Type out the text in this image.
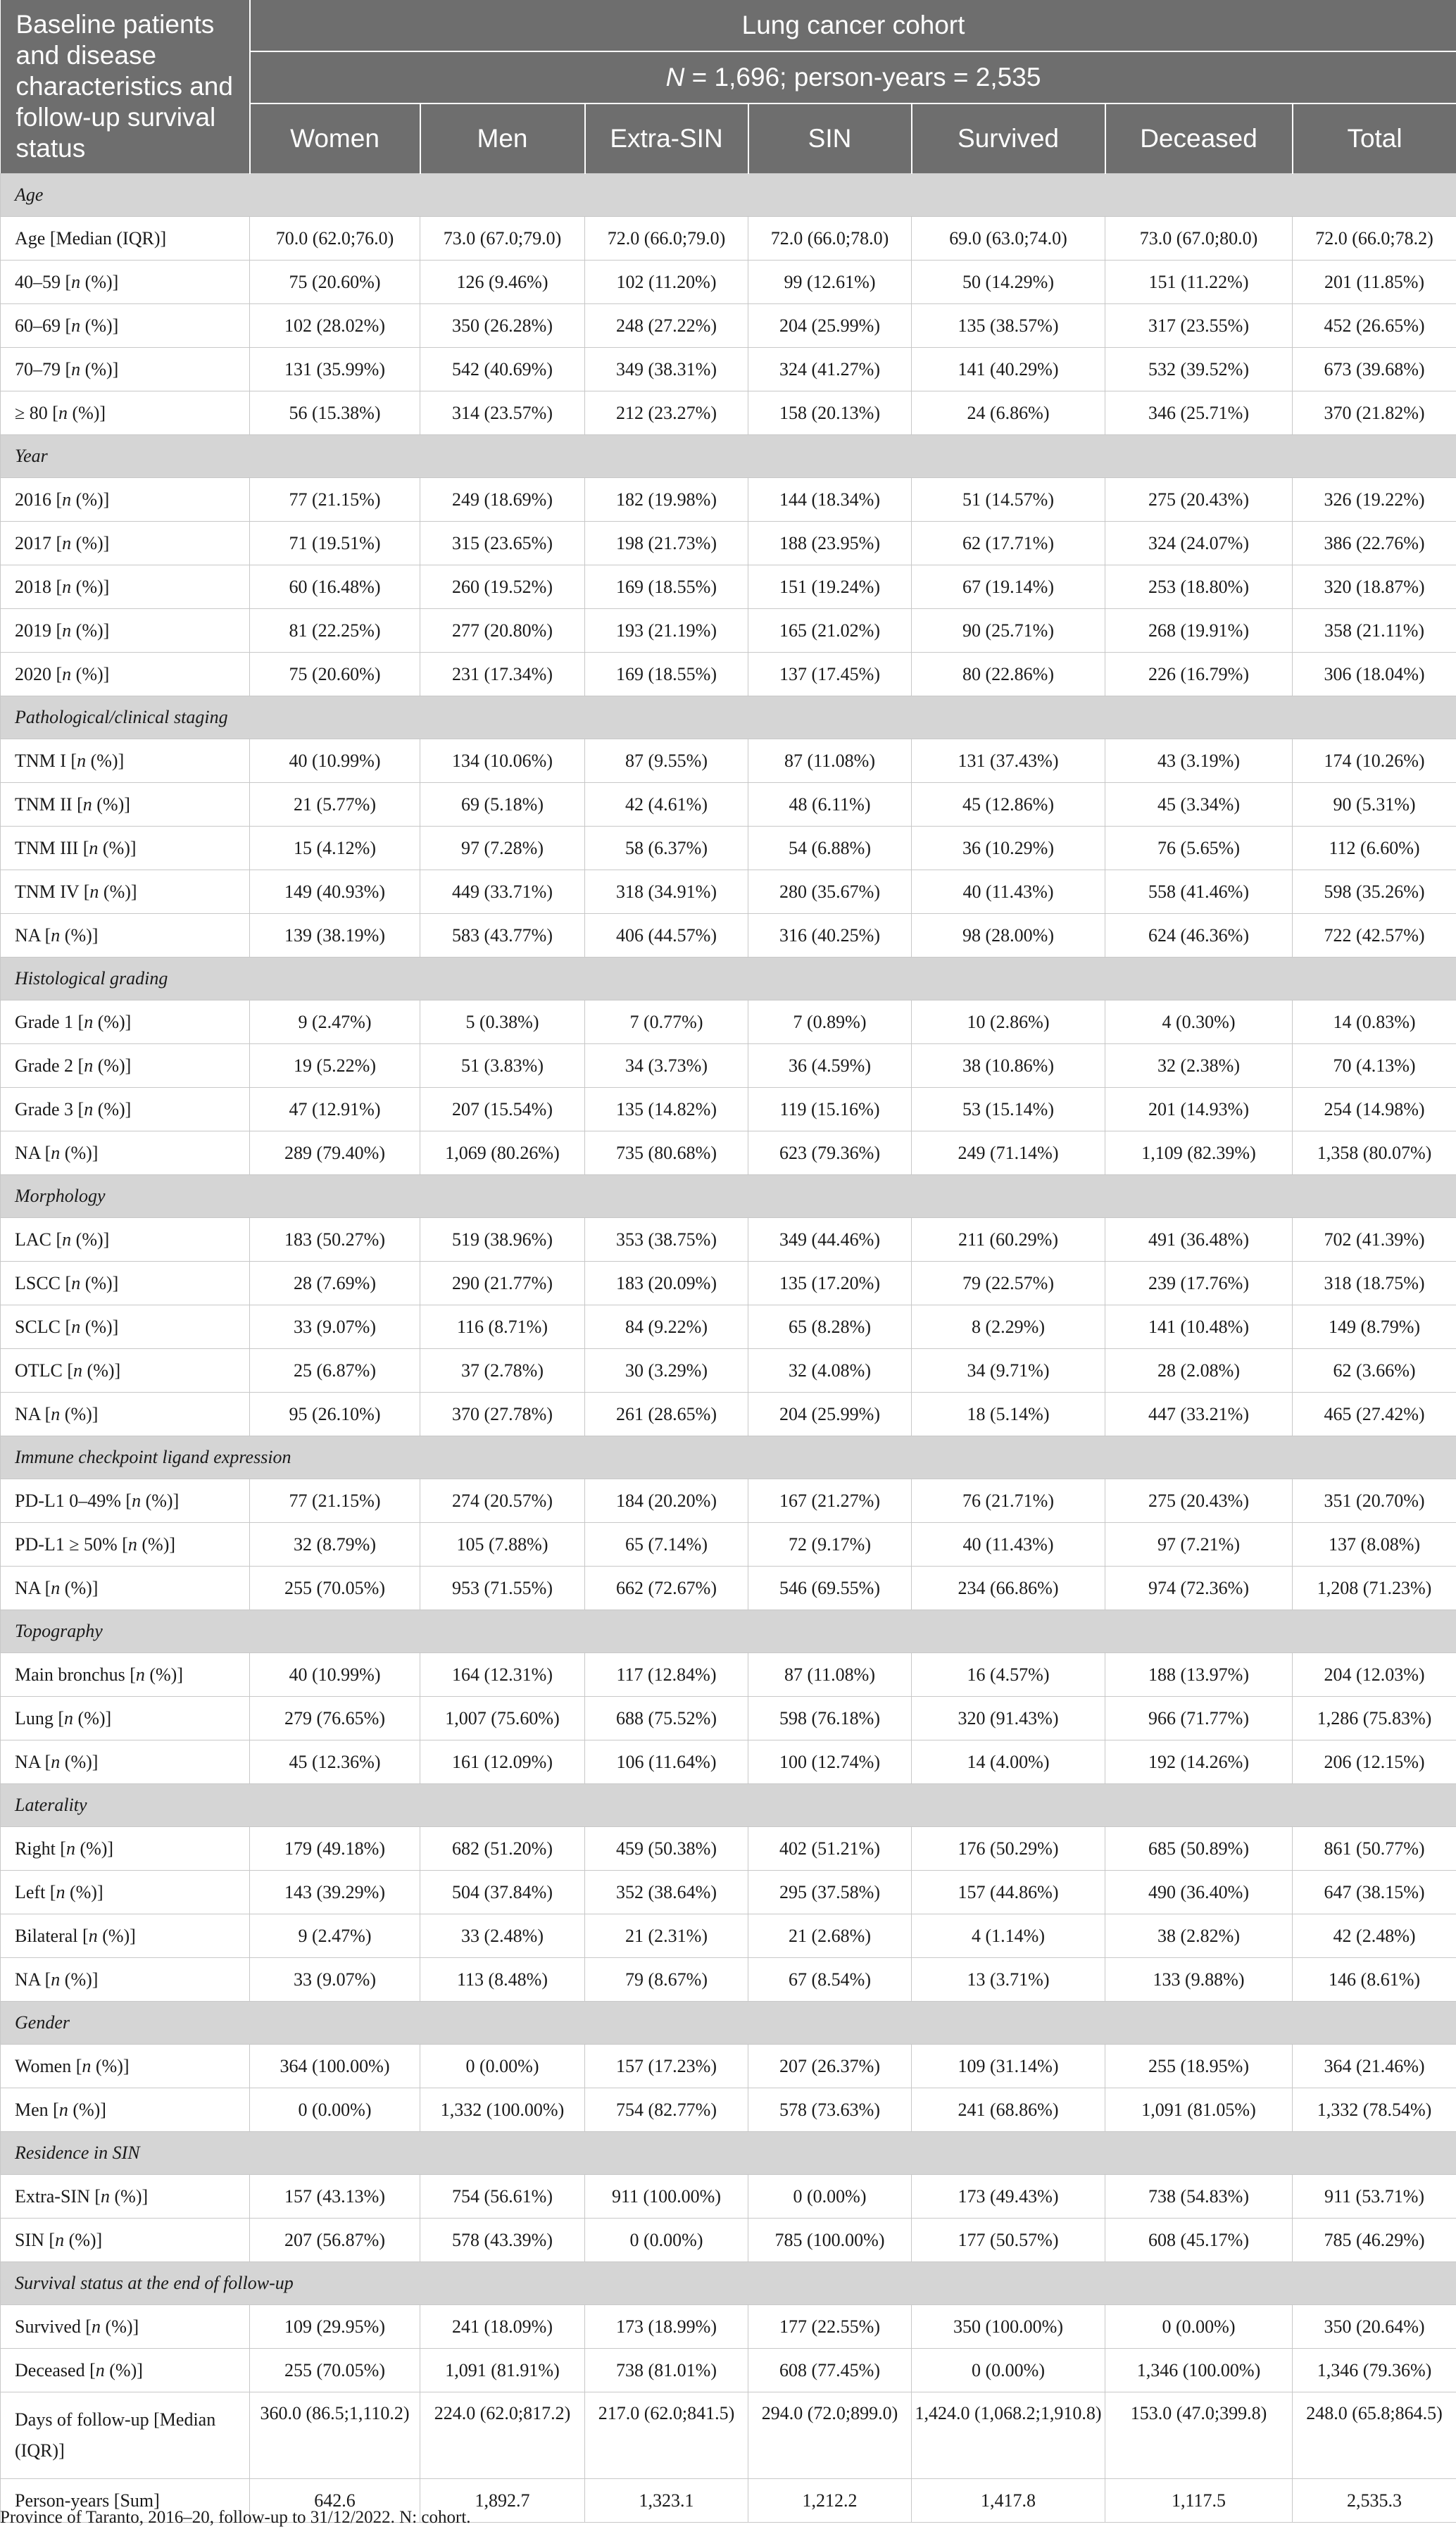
Baseline patients and disease characteristics and follow-up survival status	Lung cancer cohort						
	N = 1,696; person-years = 2,535						
	Women	Men	Extra-SIN	SIN	Survived	Deceased	Total
Age							
Age [Median (IQR)]	70.0 (62.0;76.0)	73.0 (67.0;79.0)	72.0 (66.0;79.0)	72.0 (66.0;78.0)	69.0 (63.0;74.0)	73.0 (67.0;80.0)	72.0 (66.0;78.2)
40–59 [n (%)]	75 (20.60%)	126 (9.46%)	102 (11.20%)	99 (12.61%)	50 (14.29%)	151 (11.22%)	201 (11.85%)
60–69 [n (%)]	102 (28.02%)	350 (26.28%)	248 (27.22%)	204 (25.99%)	135 (38.57%)	317 (23.55%)	452 (26.65%)
70–79 [n (%)]	131 (35.99%)	542 (40.69%)	349 (38.31%)	324 (41.27%)	141 (40.29%)	532 (39.52%)	673 (39.68%)
≥ 80 [n (%)]	56 (15.38%)	314 (23.57%)	212 (23.27%)	158 (20.13%)	24 (6.86%)	346 (25.71%)	370 (21.82%)
Year							
2016 [n (%)]	77 (21.15%)	249 (18.69%)	182 (19.98%)	144 (18.34%)	51 (14.57%)	275 (20.43%)	326 (19.22%)
2017 [n (%)]	71 (19.51%)	315 (23.65%)	198 (21.73%)	188 (23.95%)	62 (17.71%)	324 (24.07%)	386 (22.76%)
2018 [n (%)]	60 (16.48%)	260 (19.52%)	169 (18.55%)	151 (19.24%)	67 (19.14%)	253 (18.80%)	320 (18.87%)
2019 [n (%)]	81 (22.25%)	277 (20.80%)	193 (21.19%)	165 (21.02%)	90 (25.71%)	268 (19.91%)	358 (21.11%)
2020 [n (%)]	75 (20.60%)	231 (17.34%)	169 (18.55%)	137 (17.45%)	80 (22.86%)	226 (16.79%)	306 (18.04%)
Pathological/clinical staging							
TNM I [n (%)]	40 (10.99%)	134 (10.06%)	87 (9.55%)	87 (11.08%)	131 (37.43%)	43 (3.19%)	174 (10.26%)
TNM II [n (%)]	21 (5.77%)	69 (5.18%)	42 (4.61%)	48 (6.11%)	45 (12.86%)	45 (3.34%)	90 (5.31%)
TNM III [n (%)]	15 (4.12%)	97 (7.28%)	58 (6.37%)	54 (6.88%)	36 (10.29%)	76 (5.65%)	112 (6.60%)
TNM IV [n (%)]	149 (40.93%)	449 (33.71%)	318 (34.91%)	280 (35.67%)	40 (11.43%)	558 (41.46%)	598 (35.26%)
NA [n (%)]	139 (38.19%)	583 (43.77%)	406 (44.57%)	316 (40.25%)	98 (28.00%)	624 (46.36%)	722 (42.57%)
Histological grading							
Grade 1 [n (%)]	9 (2.47%)	5 (0.38%)	7 (0.77%)	7 (0.89%)	10 (2.86%)	4 (0.30%)	14 (0.83%)
Grade 2 [n (%)]	19 (5.22%)	51 (3.83%)	34 (3.73%)	36 (4.59%)	38 (10.86%)	32 (2.38%)	70 (4.13%)
Grade 3 [n (%)]	47 (12.91%)	207 (15.54%)	135 (14.82%)	119 (15.16%)	53 (15.14%)	201 (14.93%)	254 (14.98%)
NA [n (%)]	289 (79.40%)	1,069 (80.26%)	735 (80.68%)	623 (79.36%)	249 (71.14%)	1,109 (82.39%)	1,358 (80.07%)
Morphology							
LAC [n (%)]	183 (50.27%)	519 (38.96%)	353 (38.75%)	349 (44.46%)	211 (60.29%)	491 (36.48%)	702 (41.39%)
LSCC [n (%)]	28 (7.69%)	290 (21.77%)	183 (20.09%)	135 (17.20%)	79 (22.57%)	239 (17.76%)	318 (18.75%)
SCLC [n (%)]	33 (9.07%)	116 (8.71%)	84 (9.22%)	65 (8.28%)	8 (2.29%)	141 (10.48%)	149 (8.79%)
OTLC [n (%)]	25 (6.87%)	37 (2.78%)	30 (3.29%)	32 (4.08%)	34 (9.71%)	28 (2.08%)	62 (3.66%)
NA [n (%)]	95 (26.10%)	370 (27.78%)	261 (28.65%)	204 (25.99%)	18 (5.14%)	447 (33.21%)	465 (27.42%)
Immune checkpoint ligand expression							
PD-L1 0–49% [n (%)]	77 (21.15%)	274 (20.57%)	184 (20.20%)	167 (21.27%)	76 (21.71%)	275 (20.43%)	351 (20.70%)
PD-L1 ≥ 50% [n (%)]	32 (8.79%)	105 (7.88%)	65 (7.14%)	72 (9.17%)	40 (11.43%)	97 (7.21%)	137 (8.08%)
NA [n (%)]	255 (70.05%)	953 (71.55%)	662 (72.67%)	546 (69.55%)	234 (66.86%)	974 (72.36%)	1,208 (71.23%)
Topography							
Main bronchus [n (%)]	40 (10.99%)	164 (12.31%)	117 (12.84%)	87 (11.08%)	16 (4.57%)	188 (13.97%)	204 (12.03%)
Lung [n (%)]	279 (76.65%)	1,007 (75.60%)	688 (75.52%)	598 (76.18%)	320 (91.43%)	966 (71.77%)	1,286 (75.83%)
NA [n (%)]	45 (12.36%)	161 (12.09%)	106 (11.64%)	100 (12.74%)	14 (4.00%)	192 (14.26%)	206 (12.15%)
Laterality							
Right [n (%)]	179 (49.18%)	682 (51.20%)	459 (50.38%)	402 (51.21%)	176 (50.29%)	685 (50.89%)	861 (50.77%)
Left [n (%)]	143 (39.29%)	504 (37.84%)	352 (38.64%)	295 (37.58%)	157 (44.86%)	490 (36.40%)	647 (38.15%)
Bilateral [n (%)]	9 (2.47%)	33 (2.48%)	21 (2.31%)	21 (2.68%)	4 (1.14%)	38 (2.82%)	42 (2.48%)
NA [n (%)]	33 (9.07%)	113 (8.48%)	79 (8.67%)	67 (8.54%)	13 (3.71%)	133 (9.88%)	146 (8.61%)
Gender							
Women [n (%)]	364 (100.00%)	0 (0.00%)	157 (17.23%)	207 (26.37%)	109 (31.14%)	255 (18.95%)	364 (21.46%)
Men [n (%)]	0 (0.00%)	1,332 (100.00%)	754 (82.77%)	578 (73.63%)	241 (68.86%)	1,091 (81.05%)	1,332 (78.54%)
Residence in SIN							
Extra-SIN [n (%)]	157 (43.13%)	754 (56.61%)	911 (100.00%)	0 (0.00%)	173 (49.43%)	738 (54.83%)	911 (53.71%)
SIN [n (%)]	207 (56.87%)	578 (43.39%)	0 (0.00%)	785 (100.00%)	177 (50.57%)	608 (45.17%)	785 (46.29%)
Survival status at the end of follow-up							
Survived [n (%)]	109 (29.95%)	241 (18.09%)	173 (18.99%)	177 (22.55%)	350 (100.00%)	0 (0.00%)	350 (20.64%)
Deceased [n (%)]	255 (70.05%)	1,091 (81.91%)	738 (81.01%)	608 (77.45%)	0 (0.00%)	1,346 (100.00%)	1,346 (79.36%)
Days of follow-up [Median (IQR)]	360.0 (86.5;1,110.2)	224.0 (62.0;817.2)	217.0 (62.0;841.5)	294.0 (72.0;899.0)	1,424.0 (1,068.2;1,910.8)	153.0 (47.0;399.8)	248.0 (65.8;864.5)
Person-years [Sum]	642.6	1,892.7	1,323.1	1,212.2	1,417.8	1,117.5	2,535.3
Province of Taranto, 2016–20, follow-up to 31/12/2022. N: cohort.
